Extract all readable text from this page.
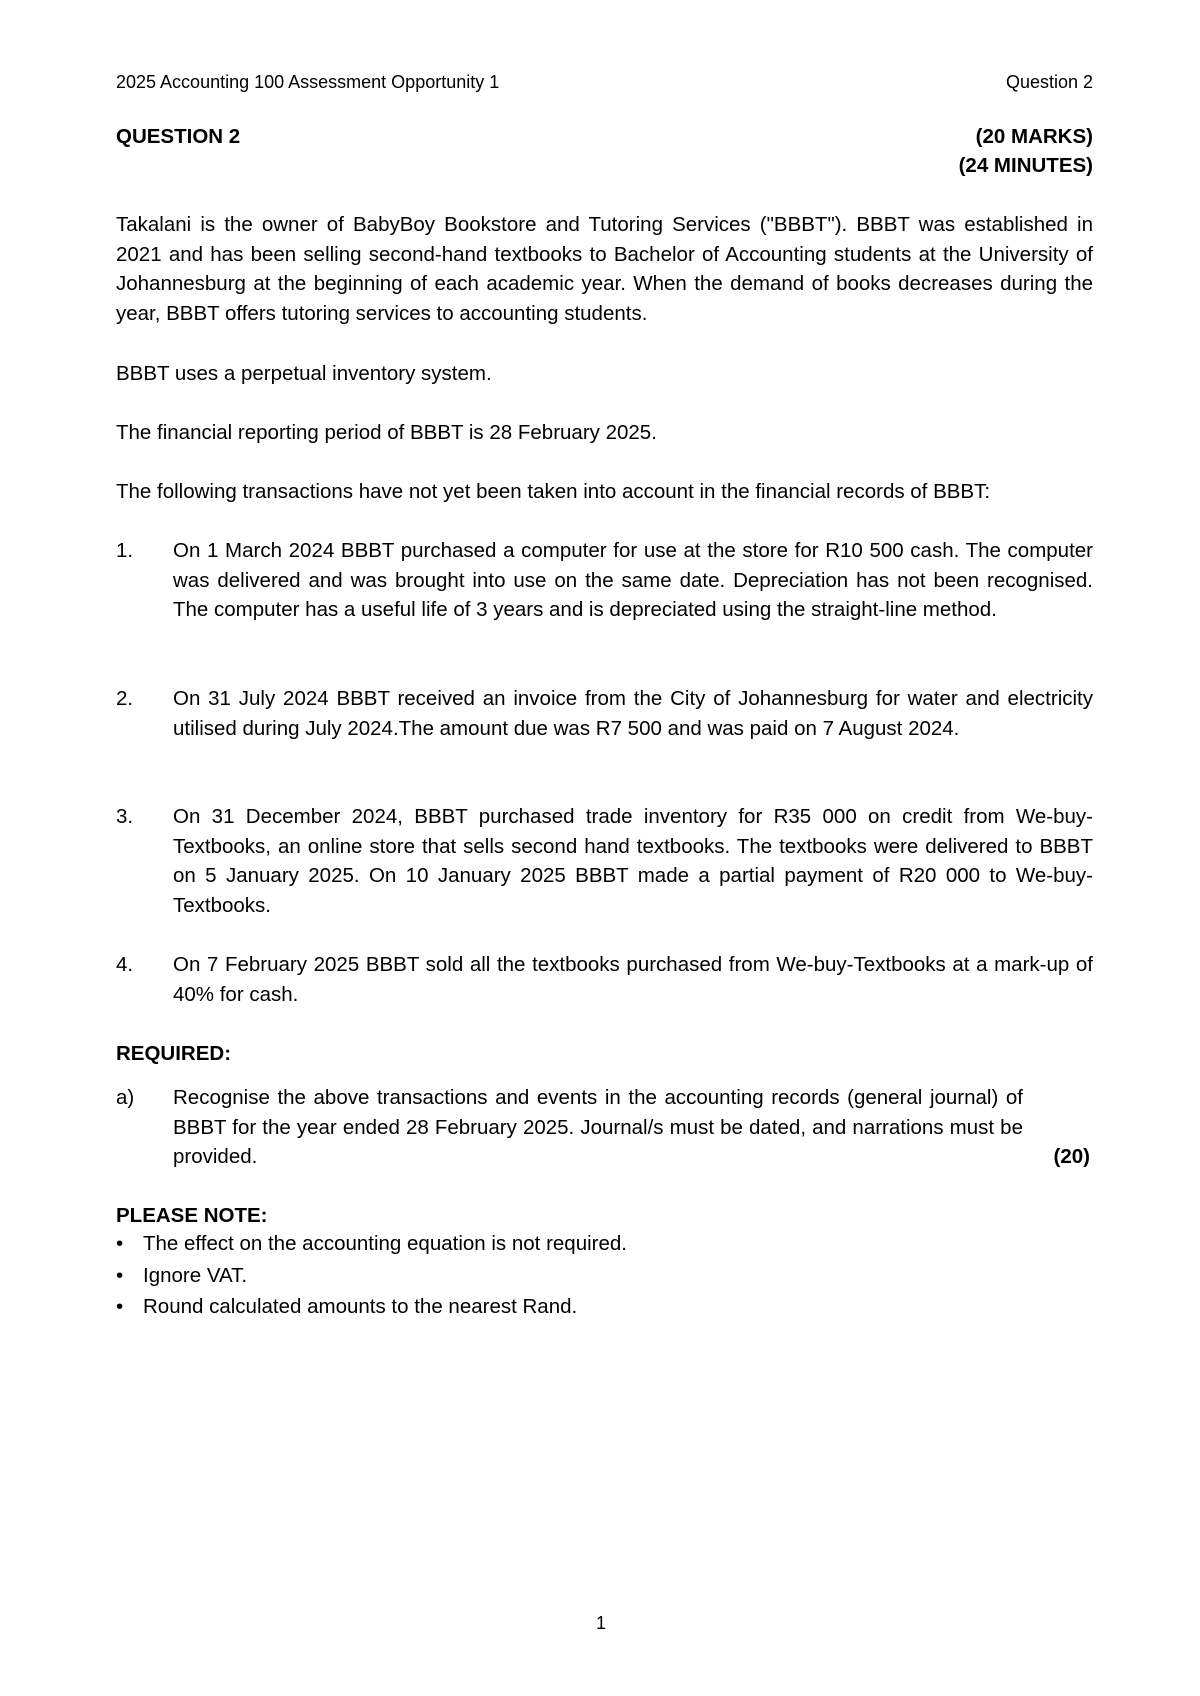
2025 Accounting 100 Assessment Opportunity 1	Question 2
QUESTION 2	(20 MARKS)
(24 MINUTES)
Takalani is the owner of BabyBoy Bookstore and Tutoring Services ("BBBT"). BBBT was established in 2021 and has been selling second-hand textbooks to Bachelor of Accounting students at the University of Johannesburg at the beginning of each academic year. When the demand of books decreases during the year, BBBT offers tutoring services to accounting students.
BBBT uses a perpetual inventory system.
The financial reporting period of BBBT is 28 February 2025.
The following transactions have not yet been taken into account in the financial records of BBBT:
1. On 1 March 2024 BBBT purchased a computer for use at the store for R10 500 cash. The computer was delivered and was brought into use on the same date. Depreciation has not been recognised. The computer has a useful life of 3 years and is depreciated using the straight-line method.
2. On 31 July 2024 BBBT received an invoice from the City of Johannesburg for water and electricity utilised during July 2024.The amount due was R7 500 and was paid on 7 August 2024.
3. On 31 December 2024, BBBT purchased trade inventory for R35 000 on credit from We-buy-Textbooks, an online store that sells second hand textbooks. The textbooks were delivered to BBBT on 5 January 2025. On 10 January 2025 BBBT made a partial payment of R20 000 to We-buy-Textbooks.
4. On 7 February 2025 BBBT sold all the textbooks purchased from We-buy-Textbooks at a mark-up of 40% for cash.
REQUIRED:
a) Recognise the above transactions and events in the accounting records (general journal) of BBBT for the year ended 28 February 2025. Journal/s must be dated, and narrations must be provided.	(20)
PLEASE NOTE:
• The effect on the accounting equation is not required.
• Ignore VAT.
• Round calculated amounts to the nearest Rand.
1
